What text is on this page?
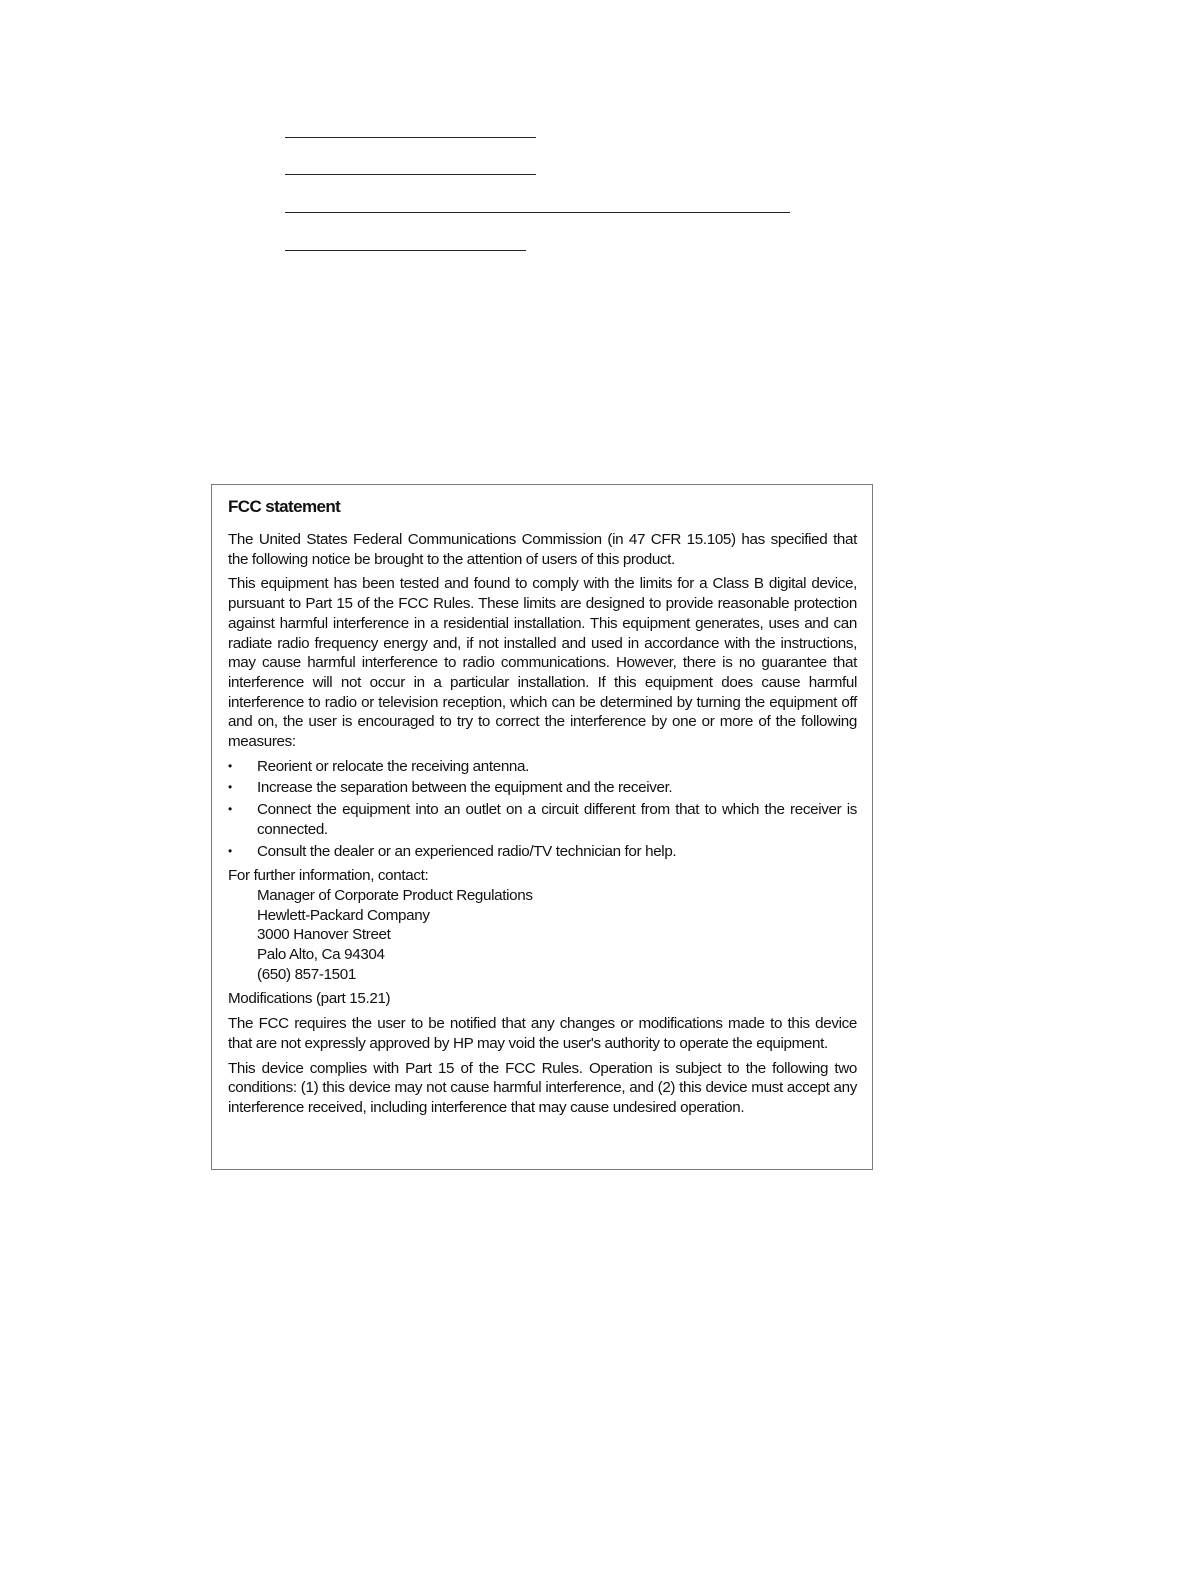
FCC statement

The United States Federal Communications Commission (in 47 CFR 15.105) has specified that the following notice be brought to the attention of users of this product.

This equipment has been tested and found to comply with the limits for a Class B digital device, pursuant to Part 15 of the FCC Rules. These limits are designed to provide reasonable protection against harmful interference in a residential installation. This equipment generates, uses and can radiate radio frequency energy and, if not installed and used in accordance with the instructions, may cause harmful interference to radio communications. However, there is no guarantee that interference will not occur in a particular installation. If this equipment does cause harmful interference to radio or television reception, which can be determined by turning the equipment off and on, the user is encouraged to try to correct the interference by one or more of the following measures:

•	Reorient or relocate the receiving antenna.
•	Increase the separation between the equipment and the receiver.
•	Connect the equipment into an outlet on a circuit different from that to which the receiver is connected.
•	Consult the dealer or an experienced radio/TV technician for help.
For further information, contact:
Manager of Corporate Product Regulations
Hewlett-Packard Company
3000 Hanover Street
Palo Alto, Ca 94304
(650) 857-1501

Modifications (part 15.21)

The FCC requires the user to be notified that any changes or modifications made to this device that are not expressly approved by HP may void the user's authority to operate the equipment.

This device complies with Part 15 of the FCC Rules. Operation is subject to the following two conditions: (1) this device may not cause harmful interference, and (2) this device must accept any interference received, including interference that may cause undesired operation.
